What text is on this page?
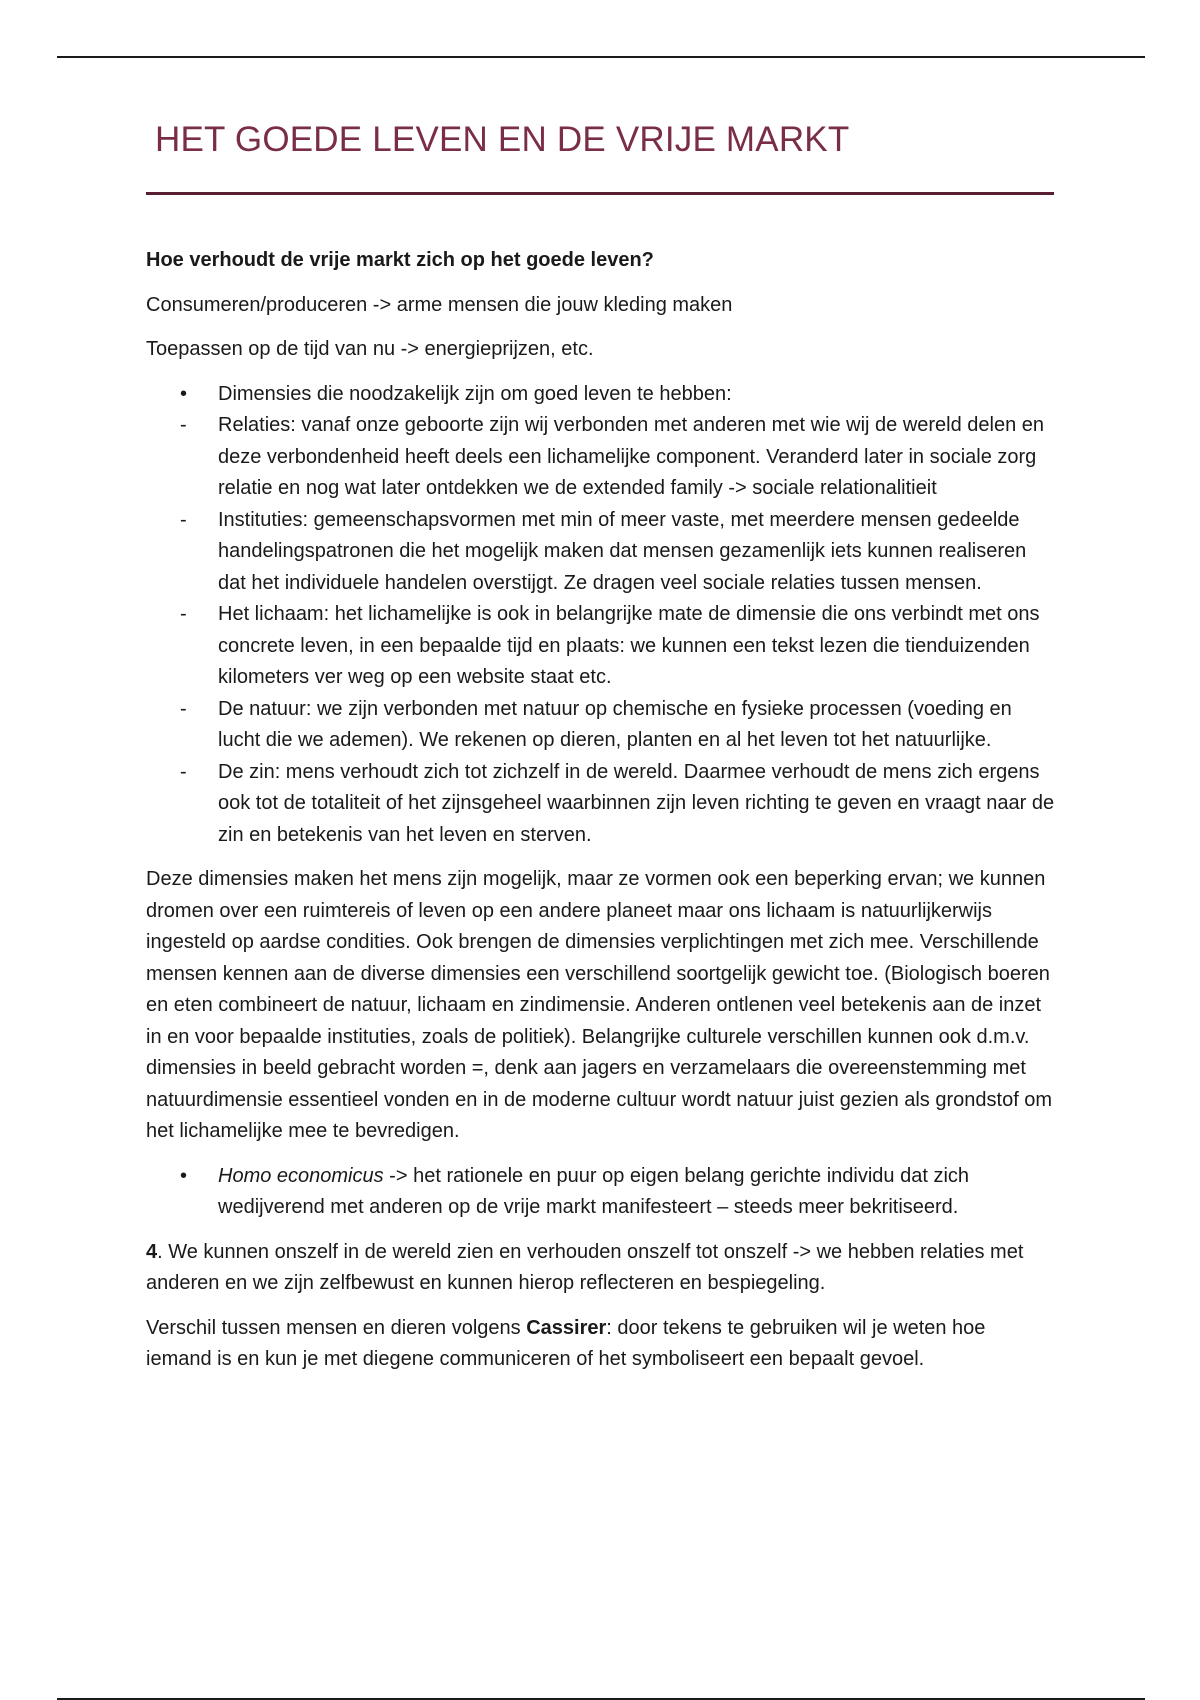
HET GOEDE LEVEN EN DE VRIJE MARKT

Hoe verhoudt de vrije markt zich op het goede leven?

Consumeren/produceren -> arme mensen die jouw kleding maken

Toepassen op de tijd van nu -> energieprijzen, etc.

•	Dimensies die noodzakelijk zijn om goed leven te hebben:
-	Relaties: vanaf onze geboorte zijn wij verbonden met anderen met wie wij de wereld delen en deze verbondenheid heeft deels een lichamelijke component. Veranderd later in sociale zorg relatie en nog wat later ontdekken we de extended family -> sociale relationalitieit
-	Instituties: gemeenschapsvormen met min of meer vaste, met meerdere mensen gedeelde handelingspatronen die het mogelijk maken dat mensen gezamenlijk iets kunnen realiseren dat het individuele handelen overstijgt. Ze dragen veel sociale relaties tussen mensen.
-	Het lichaam: het lichamelijke is ook in belangrijke mate de dimensie die ons verbindt met ons concrete leven, in een bepaalde tijd en plaats: we kunnen een tekst lezen die tienduizenden kilometers ver weg op een website staat etc.
-	De natuur: we zijn verbonden met natuur op chemische en fysieke processen (voeding en lucht die we ademen). We rekenen op dieren, planten en al het leven tot het natuurlijke.
-	De zin: mens verhoudt zich tot zichzelf in de wereld. Daarmee verhoudt de mens zich ergens ook tot de totaliteit of het zijnsgeheel waarbinnen zijn leven richting te geven en vraagt naar de zin en betekenis van het leven en sterven.

Deze dimensies maken het mens zijn mogelijk, maar ze vormen ook een beperking ervan; we kunnen dromen over een ruimtereis of leven op een andere planeet maar ons lichaam is natuurlijkerwijs ingesteld op aardse condities. Ook brengen de dimensies verplichtingen met zich mee. Verschillende mensen kennen aan de diverse dimensies een verschillend soortgelijk gewicht toe. (Biologisch boeren en eten combineert de natuur, lichaam en zindimensie. Anderen ontlenen veel betekenis aan de inzet in en voor bepaalde instituties, zoals de politiek). Belangrijke culturele verschillen kunnen ook d.m.v. dimensies in beeld gebracht worden =, denk aan jagers en verzamelaars die overeenstemming met natuurdimensie essentieel vonden en in de moderne cultuur wordt natuur juist gezien als grondstof om het lichamelijke mee te bevredigen.

•	Homo economicus -> het rationele en puur op eigen belang gerichte individu dat zich wedijverend met anderen op de vrije markt manifesteert – steeds meer bekritiseerd.

4. We kunnen onszelf in de wereld zien en verhouden onszelf tot onszelf -> we hebben relaties met anderen en we zijn zelfbewust en kunnen hierop reflecteren en bespiegeling.

Verschil tussen mensen en dieren volgens Cassirer: door tekens te gebruiken wil je weten hoe iemand is en kun je met diegene communiceren of het symboliseert een bepaalt gevoel.
